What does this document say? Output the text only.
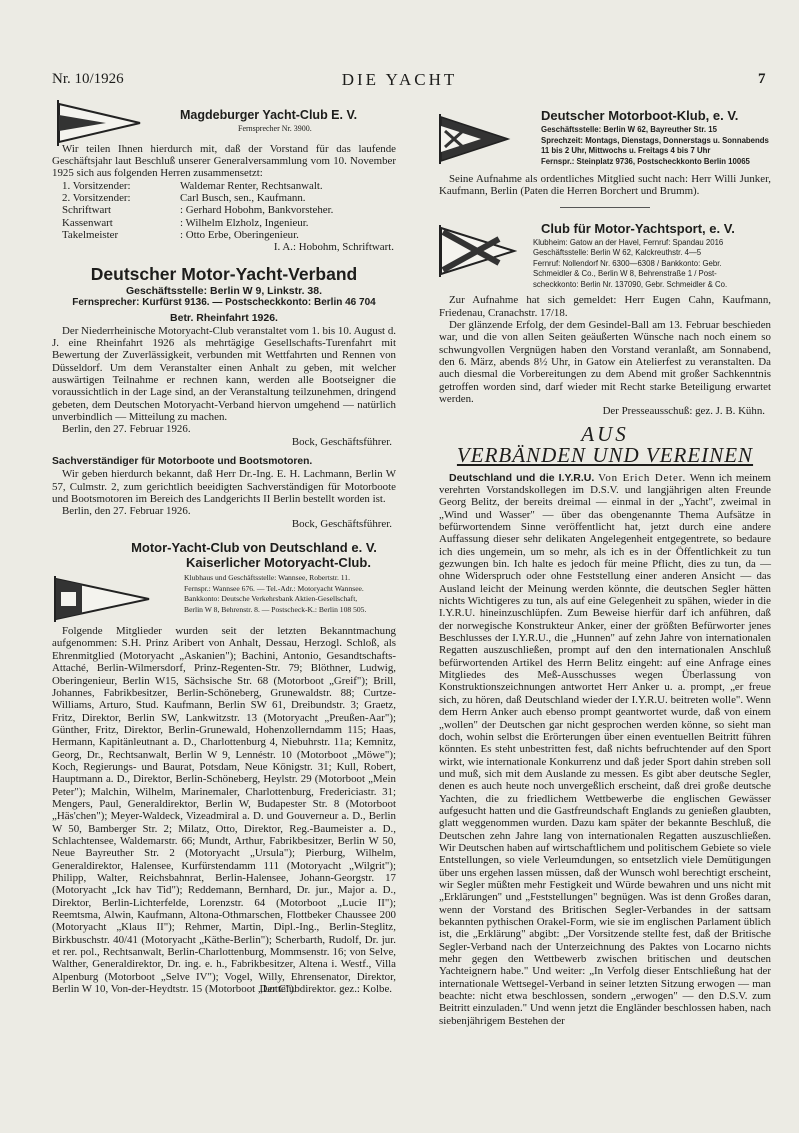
Nr. 10/1926	DIE YACHT	7
Magdeburger Yacht-Club E. V.
Fernsprecher Nr. 3900.

Wir teilen Ihnen hierdurch mit, daß der Vorstand für das laufende Geschäftsjahr laut Beschluß unserer Generalversammlung vom 10. November 1925 sich aus folgenden Herren zusammensetzt:

1. Vorsitzender:	Waldemar Renter, Rechtsanwalt.
2. Vorsitzender:	Carl Busch, sen., Kaufmann.
Schriftwart	: Gerhard Hobohm, Bankvorsteher.
Kassenwart	: Wilhelm Elzholz, Ingenieur.
Takelmeister	: Otto Erbe, Oberingenieur.

I. A.: Hobohm, Schriftwart.

Deutscher Motor-Yacht-Verband

Geschäftsstelle: Berlin W 9, Linkstr. 38.

Fernsprecher: Kurfürst 9136. — Postscheckkonto: Berlin 46 704

Betr. Rheinfahrt 1926.

Der Niederrheinische Motoryacht-Club veranstaltet vom 1. bis 10. August d. J. eine Rheinfahrt 1926 als mehrtägige Gesellschafts-Turenfahrt mit Bewertung der Zuverlässigkeit, verbunden mit Wettfahrten und Rennen von Düsseldorf. Um dem Veranstalter einen Anhalt zu geben, mit welcher auswärtigen Teilnahme er rechnen kann, werden alle Bootseigner die voraussichtlich in der Lage sind, an der Veranstaltung teilzunehmen, dringend gebeten, dem Deutschen Motoryacht-Verband hiervon umgehend — natürlich unverbindlich — Mitteilung zu machen.

Berlin, den 27. Februar 1926.

Bock, Geschäftsführer.

Sachverständiger für Motorboote und Bootsmotoren.

Wir geben hierdurch bekannt, daß Herr Dr.-Ing. E. H. Lachmann, Berlin W 57, Culmstr. 2, zum gerichtlich beeidigten Sachverständigen für Motorboote und Bootsmotoren im Bereich des Landgerichts II Berlin bestellt worden ist.

Berlin, den 27. Februar 1926.

Bock, Geschäftsführer.

Motor-Yacht-Club von Deutschland e. V.
Kaiserlicher Motoryacht-Club.
Klubhaus und Geschäftsstelle: Wannsee, Robertstr. 11.
Fernspr.: Wannsee 676. — Tel.-Adr.: Motoryacht Wannsee.
Bankkonto: Deutsche Verkehrsbank Aktien-Gesellschaft,
Berlin W 8, Behrenstr. 8. — Postscheck-K.: Berlin 108 505.

Folgende Mitglieder wurden seit der letzten Bekanntmachung aufgenommen: S.H. Prinz Aribert von Anhalt, Dessau, Herzogl. Schloß, als Ehrenmitglied (Motoryacht „Askanien"); Bachini, Antonio, Gesandtschafts-Attaché, Berlin-Wilmersdorf, Prinz-Regenten-Str. 79; Blöthner, Ludwig, Oberingenieur, Berlin W15, Sächsische Str. 68 (Motorboot „Greif"); Brill, Johannes, Fabrikbesitzer, Berlin-Schöneberg, Grunewaldstr. 88; Curtze-Williams, Arturo, Stud. Kaufmann, Berlin SW 61, Dreibundstr. 3; Graetz, Fritz, Direktor, Berlin SW, Lankwitzstr. 13 (Motoryacht „Preußen-Aar"); Günther, Fritz, Direktor, Berlin-Grunewald, Hohenzollerndamm 115; Haas, Hermann, Kapitänleutnant a. D., Charlottenburg 4, Niebuhrstr. 11a; Kemnitz, Georg, Dr., Rechtsanwalt, Berlin W 9, Lennéstr. 10 (Motorboot „Möwe"); Koch, Regierungs- und Baurat, Potsdam, Neue Königstr. 31; Kull, Robert, Hauptmann a. D., Direktor, Berlin-Schöneberg, Heylstr. 29 (Motorboot „Mein Peter"); Malchin, Wilhelm, Marinemaler, Charlottenburg, Fredericiastr. 31; Mengers, Paul, Generaldirektor, Berlin W, Budapester Str. 8 (Motorboot „Häs'chen"); Meyer-Waldeck, Vizeadmiral a. D. und Gouverneur a. D., Berlin W 50, Bamberger Str. 2; Milatz, Otto, Direktor, Reg.-Baumeister a. D., Schlachtensee, Waldemarstr. 66; Mundt, Arthur, Fabrikbesitzer, Berlin W 50, Neue Bayreuther Str. 2 (Motoryacht „Ursula"); Pierburg, Wilhelm, Generaldirektor, Halensee, Kurfürstendamm 111 (Motoryacht „Wilgrit"); Philipp, Walter, Reichsbahnrat, Berlin-Halensee, Johann-Georgstr. 17 (Motoryacht „Ick hav Tid"); Reddemann, Bernhard, Dr. jur., Major a. D., Direktor, Berlin-Lichterfelde, Lorenzstr. 64 (Motorboot „Lucie II"); Reemtsma, Alwin, Kaufmann, Altona-Othmarschen, Flottbeker Chaussee 200 (Motoryacht „Klaus II"); Rehmer, Martin, Dipl.-Ing., Berlin-Steglitz, Birkbuschstr. 40/41 (Motoryacht „Käthe-Berlin"); Scherbarth, Rudolf, Dr. jur. et rer. pol., Rechtsanwalt, Berlin-Charlottenburg, Mommsenstr. 16; von Selve, Walther, Generaldirektor, Dr. ing. e. h., Fabrikbesitzer, Altena i. Westf., Villa Alpenburg (Motorboot „Selve IV"); Vogel, Willy, Ehrensenator, Direktor, Berlin W 10, Von-der-Heydtstr. 15 (Motorboot „Lotte").

Der Clubdirektor. gez.: Kolbe.

Deutscher Motorboot-Klub, e. V.
Geschäftsstelle: Berlin W 62, Bayreuther Str. 15
Sprechzeit: Montags, Dienstags, Donnerstags u. Sonnabends 11 bis 2 Uhr, Mittwochs u. Freitags 4 bis 7 Uhr
Fernspr.: Steinplatz 9736, Postscheckkonto Berlin 10065

Seine Aufnahme als ordentliches Mitglied sucht nach: Herr Willi Junker, Kaufmann, Berlin (Paten die Herren Borchert und Brumm).

Club für Motor-Yachtsport, e. V.
Klubheim: Gatow an der Havel, Fernruf: Spandau 2016
Geschäftsstelle: Berlin W 62, Kalckreuthstr. 4—5
Fernruf: Nollendorf Nr. 6300—6308 / Bankkonto: Gebr.
Schmeidler & Co., Berlin W 8, Behrenstraße 1 / Post-
scheckkonto: Berlin Nr. 137090, Gebr. Schmeidler & Co.

Zur Aufnahme hat sich gemeldet: Herr Eugen Cahn, Kaufmann, Friedenau, Cranachstr. 17/18.

Der glänzende Erfolg, der dem Gesindel-Ball am 13. Februar beschieden war, und die von allen Seiten geäußerten Wünsche nach noch einem so schwungvollen Vergnügen haben den Vorstand veranlaßt, am Sonnabend, den 6. März, abends 8½ Uhr, in Gatow ein Atelierfest zu veranstalten. Da auch diesmal die Vorbereitungen zu dem Abend mit großer Sachkenntnis getroffen worden sind, darf wieder mit Recht starke Beteiligung erwartet werden.

Der Presseausschuß: gez. J. B. Kühn.

AUS
VERBÄNDEN UND VEREINEN

Deutschland und die I.Y.R.U. Von Erich Deter. Wenn ich meinem verehrten Vorstandskollegen im D.S.V. und langjährigen alten Freunde Georg Belitz, der bereits dreimal — einmal in der „Yacht", zweimal in „Wind und Wasser" — über das obengenannte Thema Aufsätze in befürwortendem Sinne veröffentlicht hat, jetzt durch eine andere Auffassung dieser sehr delikaten Angelegenheit entgegentrete, so bedaure ich dies ungemein, um so mehr, als ich es in der Öffentlichkeit zu tun gezwungen bin. Ich halte es jedoch für meine Pflicht, dies zu tun, da — ohne Widerspruch oder ohne Feststellung einer anderen Ansicht — das Ausland leicht der Meinung werden könnte, die deutschen Segler hätten nichts Wichtigeres zu tun, als auf eine Gelegenheit zu spähen, wieder in die I.Y.R.U. hineinzuschlüpfen. Zum Beweise hierfür darf ich anführen, daß der norwegische Konstrukteur Anker, einer der größten Befürworter jenes Beschlusses der I.Y.R.U., die „Hunnen" auf zehn Jahre von internationalen Regatten auszuschließen, prompt auf den den internationalen Anschluß befürwortenden Artikel des Herrn Belitz eingeht: auf eine Anfrage eines Mitgliedes des Meß-Ausschusses wegen Überlassung von Konstruktionszeichnungen antwortet Herr Anker u. a. prompt, „er freue sich, zu hören, daß Deutschland wieder der I.Y.R.U. beitreten wolle". Wenn dem Herrn Anker auch ebenso prompt geantwortet wurde, daß von einem „wollen" der Deutschen gar nicht gesprochen werden könne, so sieht man doch, wohin selbst die Erörterungen über einen eventuellen Beitritt führen könnten. Es steht unbestritten fest, daß nichts befruchtender auf den Sport wirkt, wie internationale Konkurrenz und daß jeder Sport dahin streben soll und muß, sich mit dem Auslande zu messen. Es gibt aber deutsche Segler, denen es auch heute noch unvergeßlich erscheint, daß drei große deutsche Yachten, die zu friedlichem Wettbewerbe die englischen Gewässer aufgesucht hatten und die Gastfreundschaft Englands zu genießen glaubten, glatt weggenommen wurden. Dazu kam später der bekannte Beschluß, die Deutschen zehn Jahre lang von internationalen Regatten auszuschließen. Wir Deutschen haben auf wirtschaftlichem und politischem Gebiete so viele Entstellungen, so viele Verleumdungen, so entsetzlich viele Demütigungen über uns ergehen lassen müssen, daß der Wunsch wohl berechtigt erscheint, wir Segler müßten mehr Festigkeit und Würde bewahren und uns nicht mit „Erklärungen" und „Feststellungen" begnügen. Was ist denn Großes daran, wenn der Vorstand des Britischen Segler-Verbandes in der sattsam bekannten pythischen Orakel-Form, wie sie im englischen Parlament üblich ist, die „Erklärung" abgibt: „Der Vorsitzende stellte fest, daß der Britische Segler-Verband nach der Unterzeichnung des Paktes von Locarno nichts mehr gegen den Wettbewerb zwischen britischen und deutschen Yachteignern habe." Und weiter: „In Verfolg dieser Entschließung hat der internationale Wettsegel-Verband in seiner letzten Sitzung erwogen — man beachte: nicht etwa beschlossen, sondern „erwogen" — den D.S.V. zum Beitritt einzuladen." Und wenn jetzt die Engländer beschlossen haben, nach siebenjährigem Bestehen der
